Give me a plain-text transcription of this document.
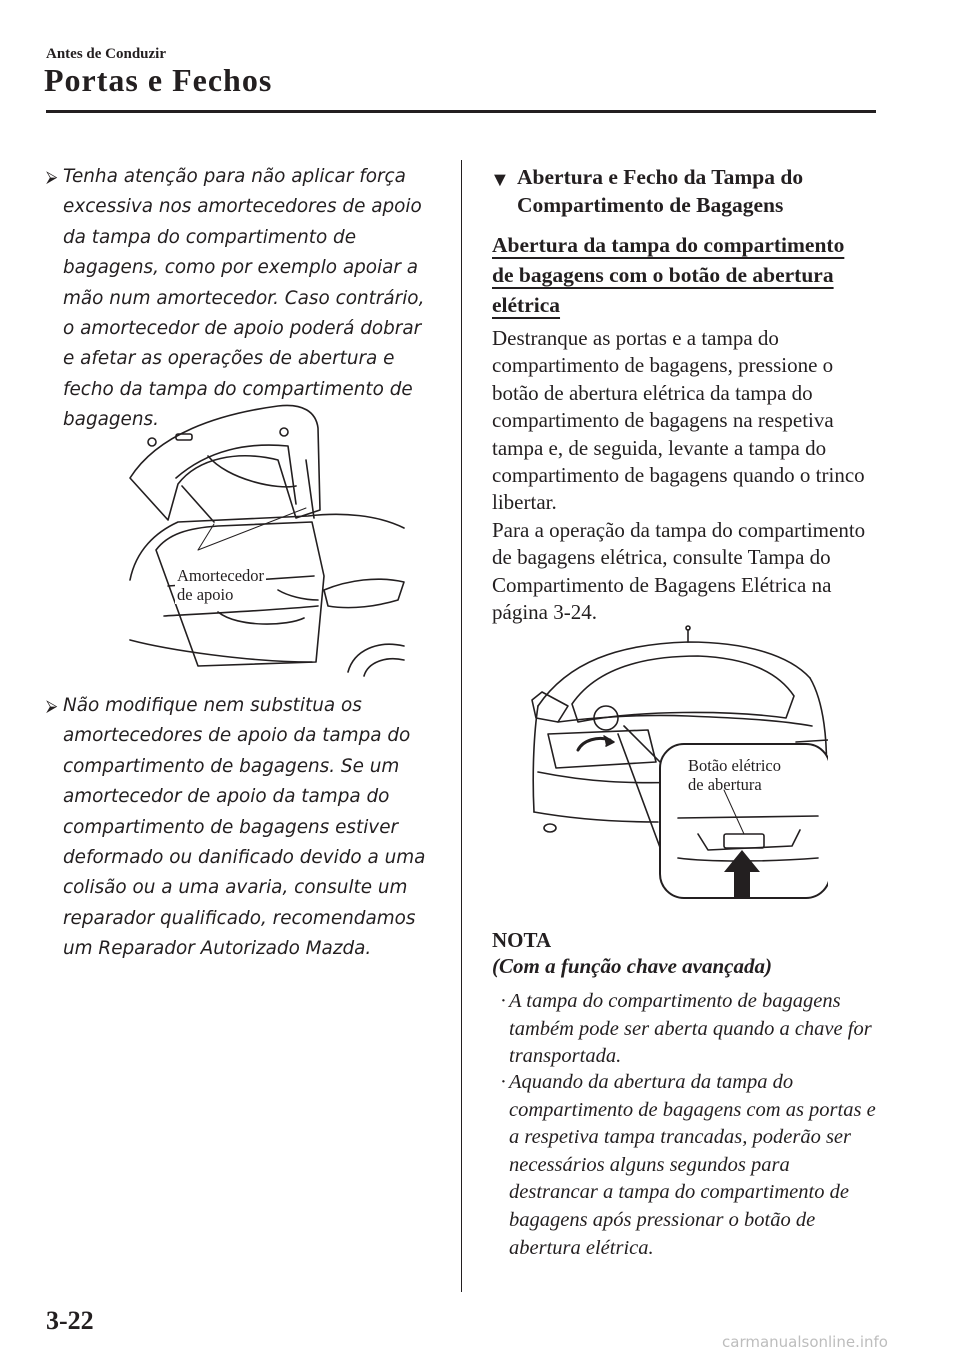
Antes de Conduzir
Portas e Fechos
⮚ Tenha atenção para não aplicar força excessiva nos amortecedores de apoio da tampa do compartimento de bagagens, como por exemplo apoiar a mão num amortecedor. Caso contrário, o amortecedor de apoio poderá dobrar e afetar as operações de abertura e fecho da tampa do compartimento de bagagens.
Amortecedor
de apoio
⮚ Não modifique nem substitua os amortecedores de apoio da tampa do compartimento de bagagens. Se um amortecedor de apoio da tampa do compartimento de bagagens estiver deformado ou danificado devido a uma colisão ou a uma avaria, consulte um reparador qualificado, recomendamos um Reparador Autorizado Mazda.
▼ Abertura e Fecho da Tampa do
Compartimento de Bagagens
Abertura da tampa do compartimento
de bagagens com o botão de abertura
elétrica

Destranque as portas e a tampa do compartimento de bagagens, pressione o botão de abertura elétrica da tampa do compartimento de bagagens na respetiva tampa e, de seguida, levante a tampa do compartimento de bagagens quando o trinco libertar.

Para a operação da tampa do compartimento de bagagens elétrica, consulte Tampa do Compartimento de Bagagens Elétrica na página 3-24.

Botão elétrico
de abertura
NOTA
(Com a função chave avançada)
· A tampa do compartimento de bagagens também pode ser aberta quando a chave for transportada.
· Aquando da abertura da tampa do compartimento de bagagens com as portas e a respetiva tampa trancadas, poderão ser necessários alguns segundos para destrancar a tampa do compartimento de bagagens após pressionar o botão de abertura elétrica.
3-22
carmanualsonline.info
